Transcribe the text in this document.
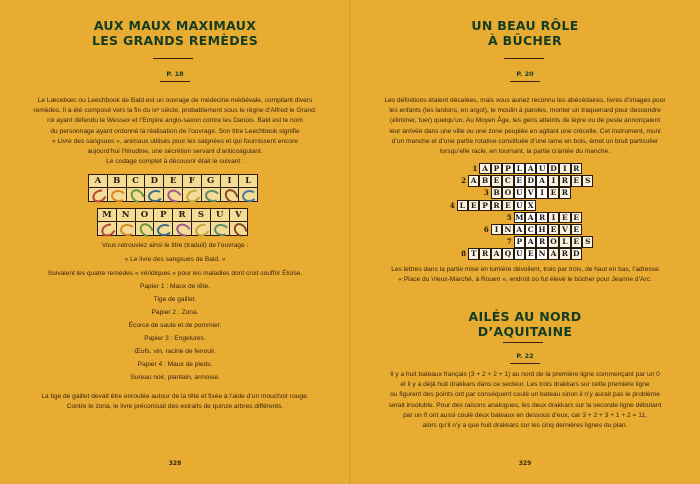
AUX MAUX MAXIMAUX
LES GRANDS REMÈDES
P. 18

Le Læcebœc ou Leechbook de Bald est un ouvrage de médecine médiévale, compilant divers

remèdes. Il a été composé vers la fin du ixᵉ siècle, probablement sous le règne d’Alfred le Grand,

roi ayant défendu le Wessex et l’Empire anglo-saxon contre les Danois. Bald est le nom

du personnage ayant ordonné la réalisation de l’ouvrage. Son titre Leechbook signifie

« Livre des sangsues », animaux utilisés pour les saignées et qui fournissent encore

aujourd’hui l’hirudine, une sécrétion servant d’anticoagulant.

Le codage complet à découvrir était le suivant :

A	B	C	D	E	F	G	I	L
M	N	O	P	R	S	U	V

La tige de gaillet devait être enroulée autour de la tête et fixée à l’aide d’un mouchoir rouge.

Contre le zona, le livre préconisait des extraits de quinze arbres différents.

328
Vous retrouviez ainsi le titre (traduit) de l’ouvrage :
« Le livre des sangsues de Bald. »
Suivaient les quatre remèdes « véridiques » pour les maladies dont croit souffrir Éloïse.
Papier 1 : Maux de tête.
Tige de gaillet.
Papier 2 : Zona.
Écorce de saule et de pommier.
Papier 3 : Engelures.
Œufs, vin, racine de fenouil.
Papier 4 : Maux de pieds.
Sureau noir, plantain, armoise.
UN BEAU RÔLE
À BÛCHER
P. 20

Les définitions étaient décalées, mais vous auriez reconnu les abécédaires, livres d’images pour

les enfants (les lardons, en argot), le moulin à paroles, monter un traquenard pour descendre

(éliminer, tuer) quelqu’un. Au Moyen Âge, les gens atteints de lèpre ou de peste annonçaient

leur arrivée dans une ville ou une zone peuplée en agitant une crécelle. Cet instrument, muni

d’un manche et d’une partie rotative constituée d’une lame en bois, émet un bruit particulier

lorsqu’elle racle, en tournant, la partie crantée du manche.

1 A P P L A U D I R
2 A B E C E D A I R E S
3 B O U V I E R
4 L E P R E U X
5 M A R I E E
6 I N A C H E V E
7 P A R O L E S
8 T R A Q U E N A R D

Les lettres dans la partie mise en lumière dévoilent, trois par trois, de haut en bas, l’adresse

« Place du Vieux-Marché, à Rouen », endroit où fut élevé le bûcher pour Jeanne d’Arc.

AILÉS AU NORD
D’AQUITAINE
P. 22

Il y a huit bateaux français (3 + 2 + 2 + 1) au nord de la première ligne commençant par un 0

et il y a déjà huit drakkars dans ce secteur. Les trois drakkars sur cette première ligne

ou figurent des points ont par conséquent coulé un bateau sinon il n’y aurait pas le problème

serait insoluble. Pour des raisons analogues, les deux drakkars sur la seconde ligne débutant

par un 0 ont aussi coulé deux bateaux en dessous d’eux, car 3 + 2 + 3 + 1 + 2 = 11,

alors qu’il n’y a que huit drakkars sur les cinq dernières lignes du plan.

329
